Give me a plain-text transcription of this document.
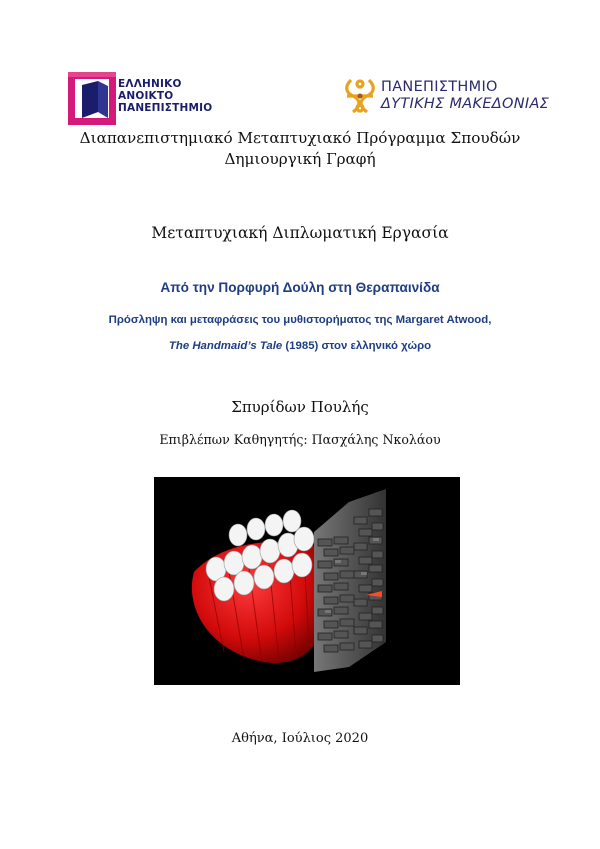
ΕΛΛΗΝΙΚΟ
ΑΝΟΙΚΤΟ
ΠΑΝΕΠΙΣΤΗΜΙΟ
ΠΑΝΕΠΙΣΤΗΜΙΟ
ΔΥΤΙΚΗΣ ΜΑΚΕΔΟΝΙΑΣ
Διαπανεπιστημιακό Μεταπτυχιακό Πρόγραμμα Σπουδών
Δημιουργική Γραφή
Μεταπτυχιακή Διπλωματική Εργασία
Από την Πορφυρή Δούλη στη Θεραπαινίδα
Πρόσληψη και μεταφράσεις του μυθιστορήματος της Margaret Atwood,
The Handmaid’s Tale (1985) στον ελληνικό χώρο
Σπυρίδων Πουλής
Επιβλέπων Καθηγητής: Πασχάλης Νκολάου
Αθήνα, Ιούλιος 2020
